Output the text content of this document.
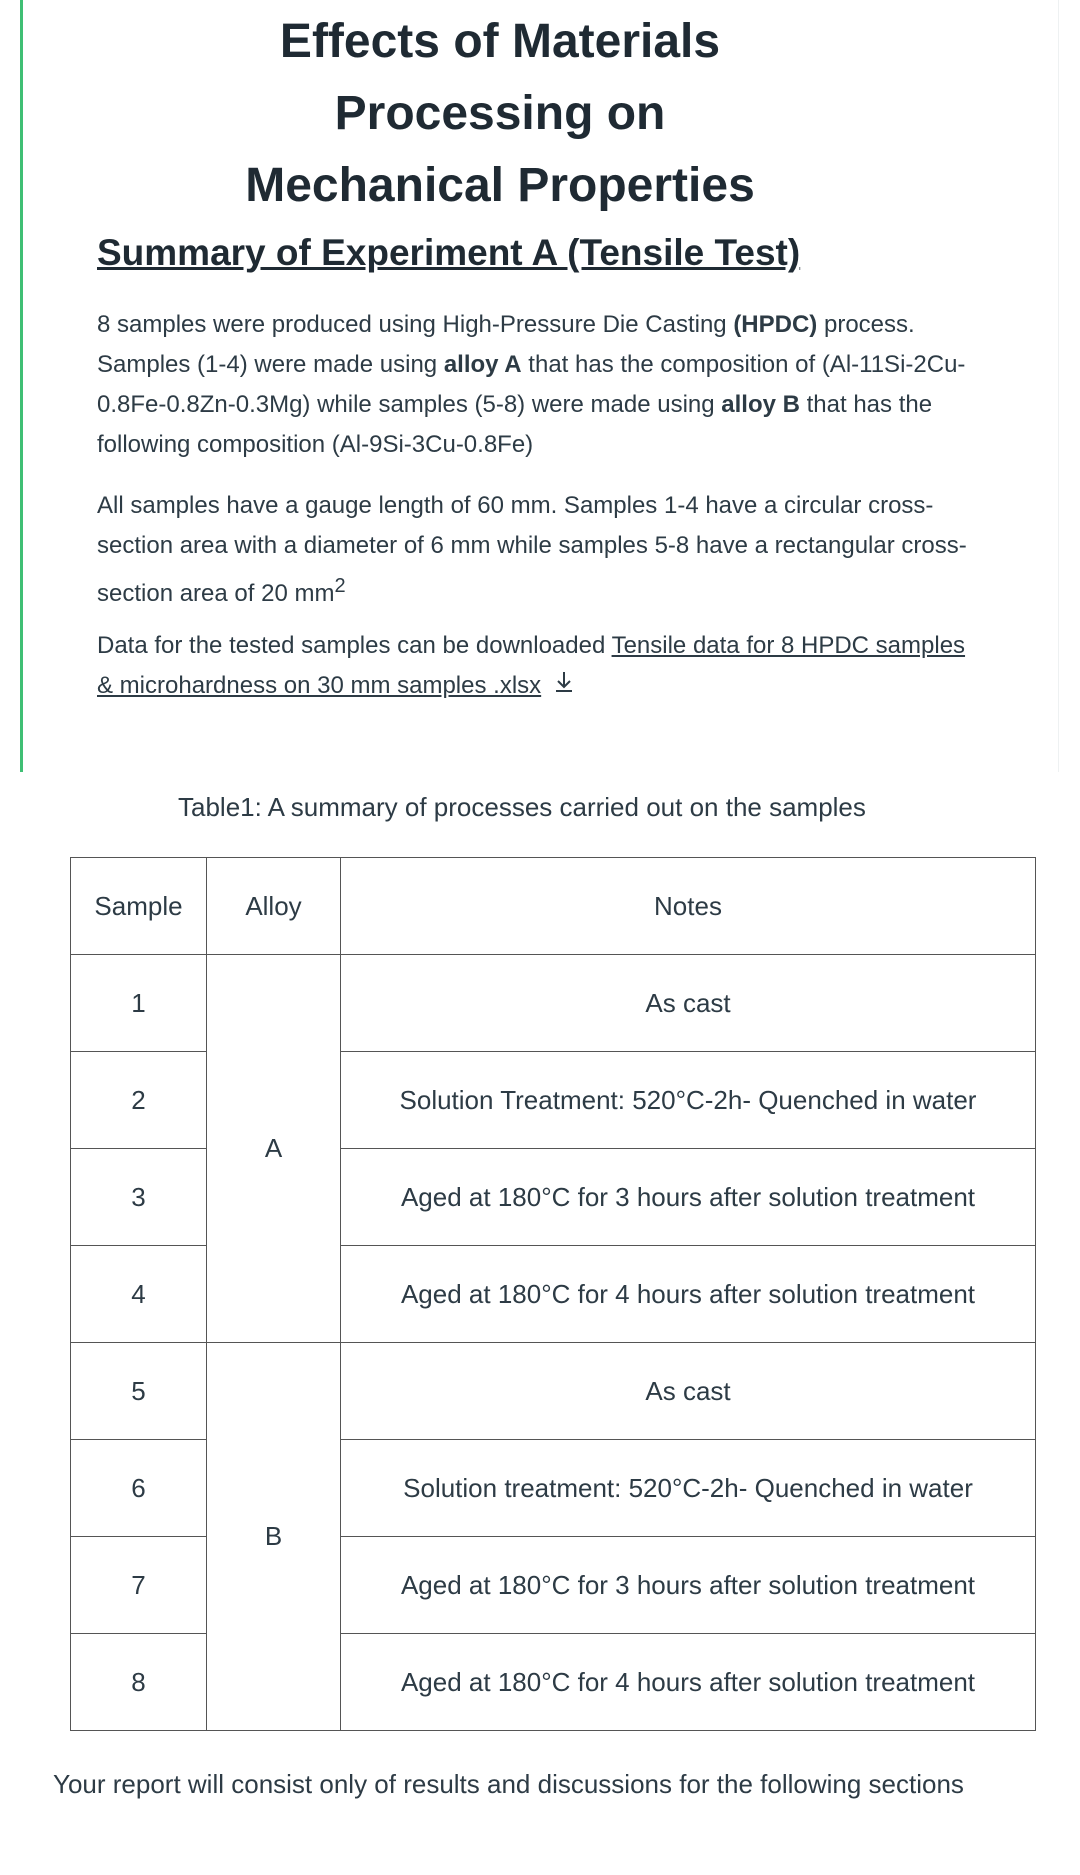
Effects of Materials Processing on
Mechanical Properties
Summary of Experiment A (Tensile Test)

8 samples were produced using High-Pressure Die Casting (HPDC) process. Samples (1-4) were made using alloy A that has the composition of (Al-11Si-2Cu-0.8Fe-0.8Zn-0.3Mg) while samples (5-8) were made using alloy B that has the following composition (Al-9Si-3Cu-0.8Fe)

All samples have a gauge length of 60 mm. Samples 1-4 have a circular cross-section area with a diameter of 6 mm while samples 5-8 have a rectangular cross-section area of 20 $mm^2$

Data for the tested samples can be downloaded Tensile data for 8 HPDC samples & microhardness on 30 mm samples .xlsx

Table1: A summary of processes carried out on the samples

Sample	Alloy	Notes
1	A	As cast
2		Solution Treatment: 520°C-2h- Quenched in water
3		Aged at 180°C for 3 hours after solution treatment
4		Aged at 180°C for 4 hours after solution treatment
5	B	As cast
6		Solution treatment: 520°C-2h- Quenched in water
7		Aged at 180°C for 3 hours after solution treatment
8		Aged at 180°C for 4 hours after solution treatment

Your report will consist only of results and discussions for the following sections
